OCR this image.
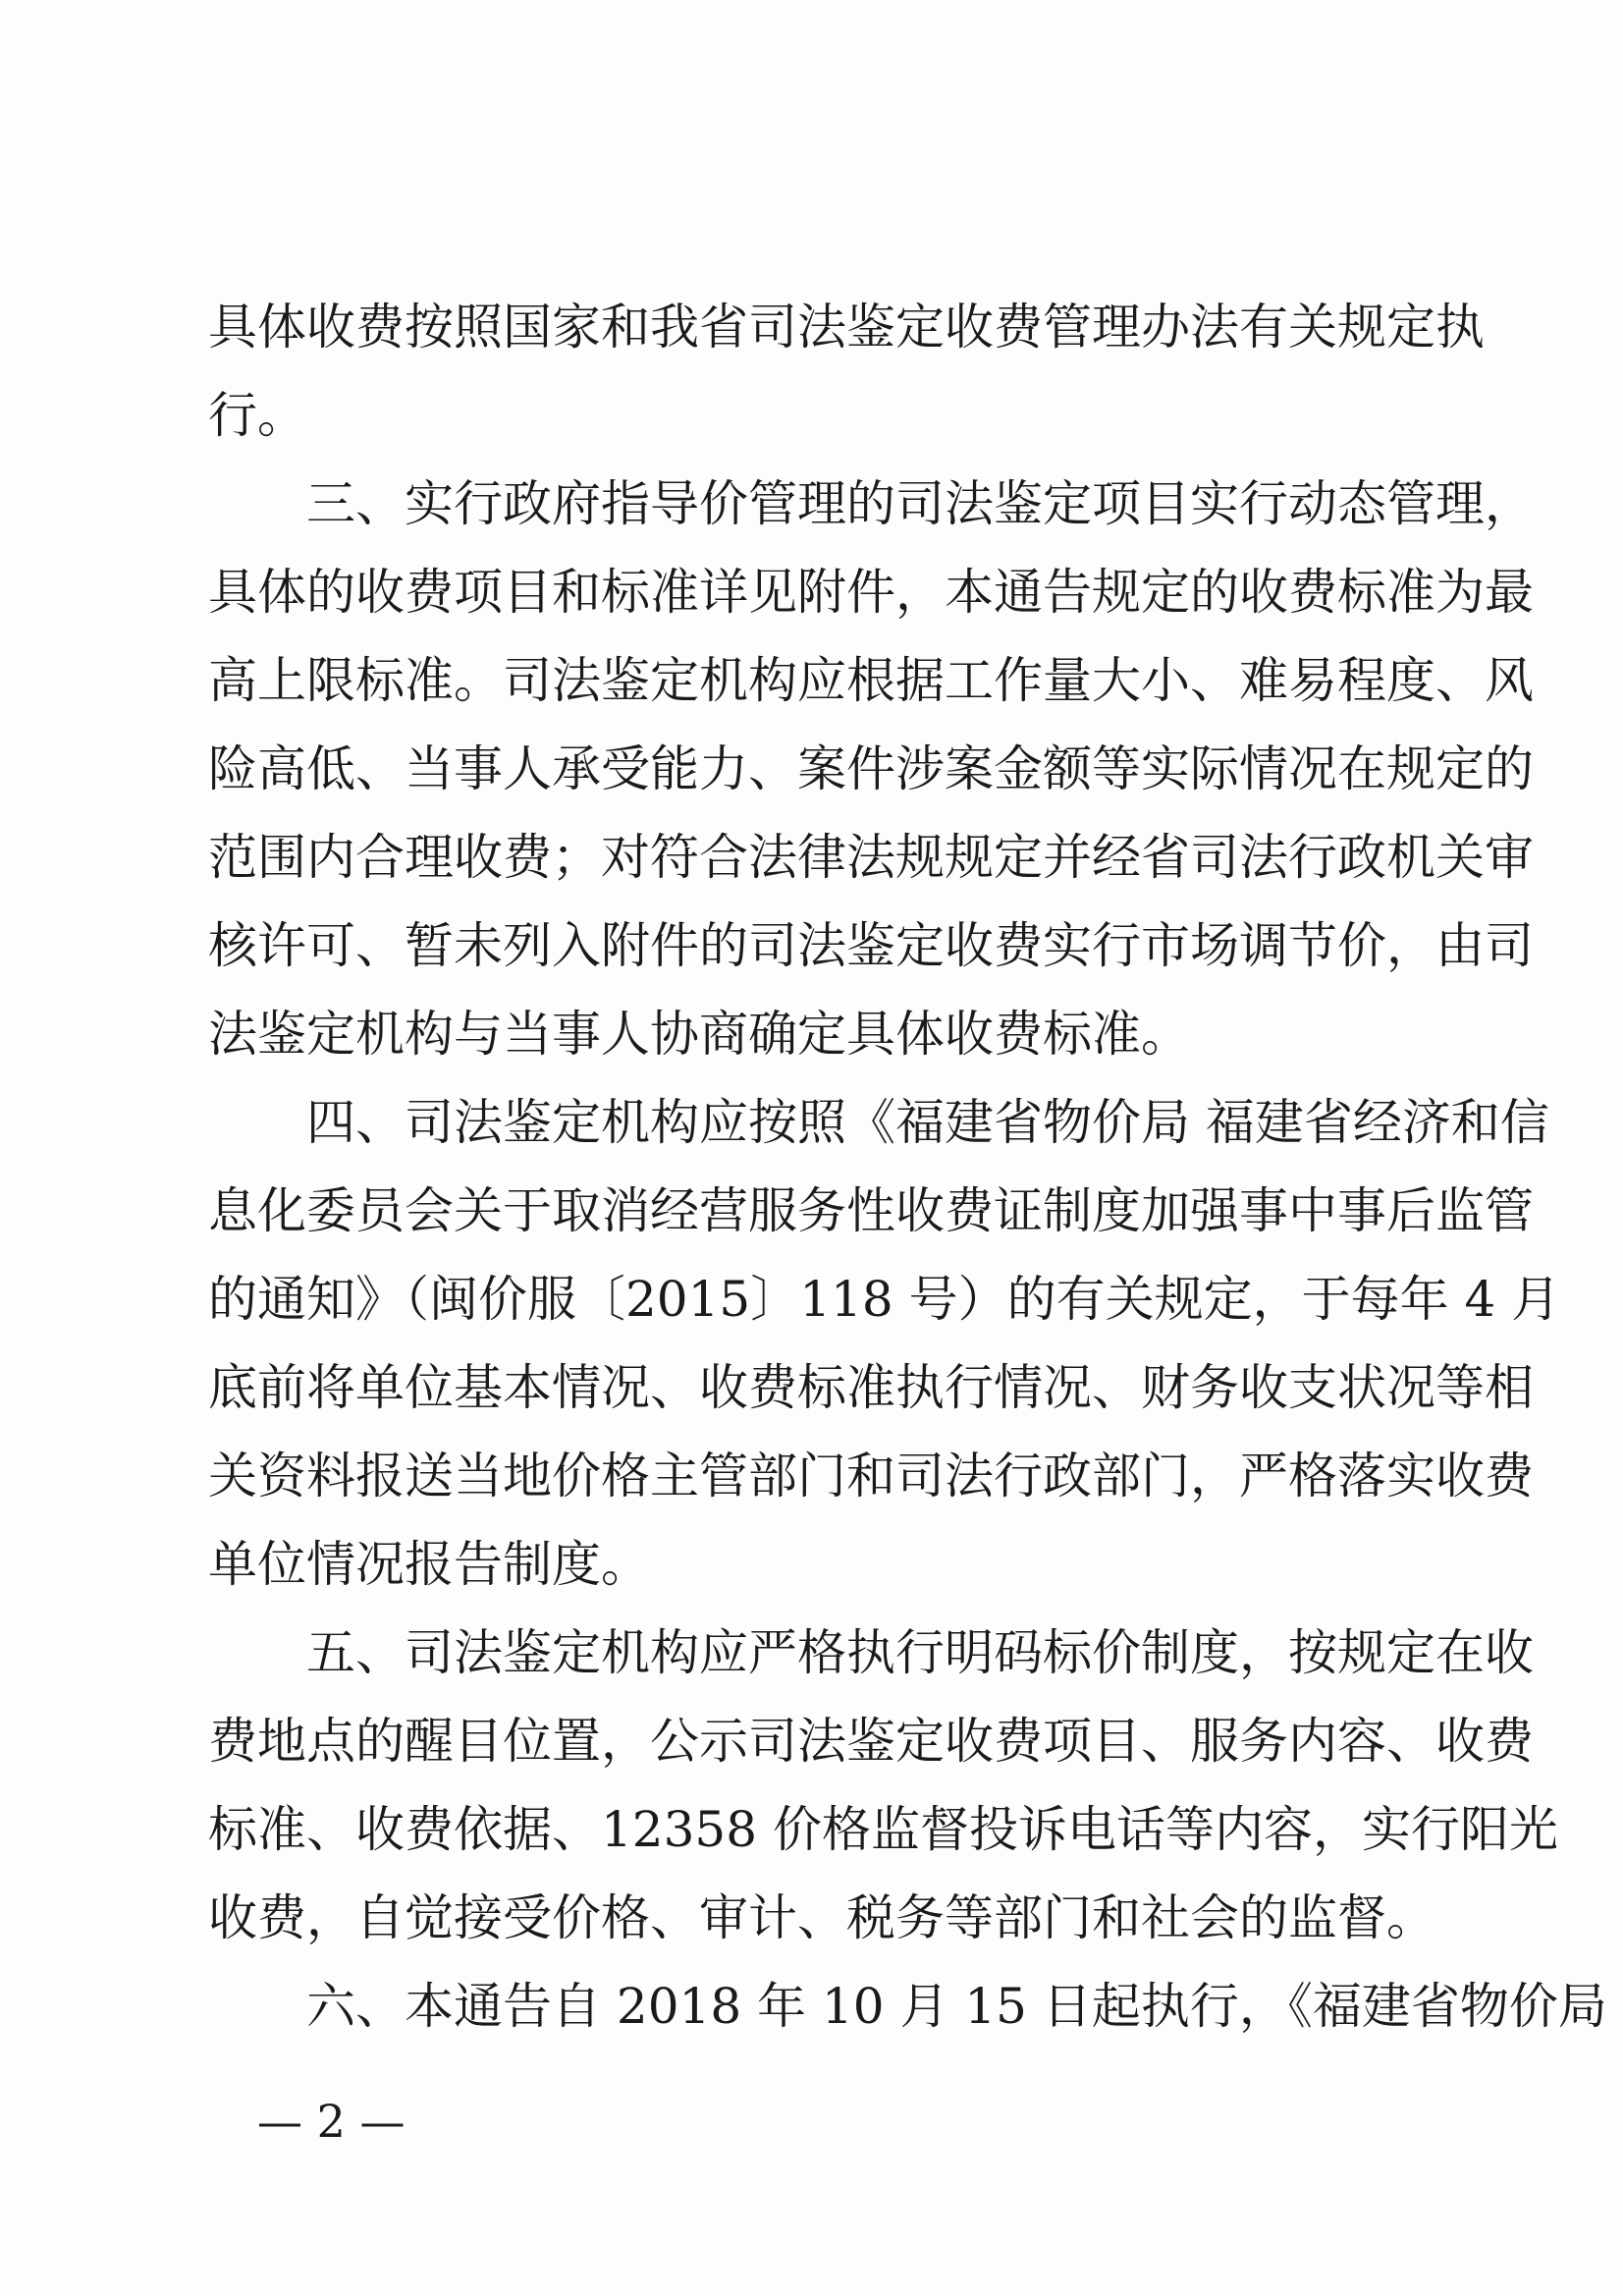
具体收费按照国家和我省司法鉴定收费管理办法有关规定执
行。
三、实行政府指导价管理的司法鉴定项目实行动态管理，
具体的收费项目和标准详见附件，本通告规定的收费标准为最
高上限标准。司法鉴定机构应根据工作量大小、难易程度、风
险高低、当事人承受能力、案件涉案金额等实际情况在规定的
范围内合理收费；对符合法律法规规定并经省司法行政机关审
核许可、暂未列入附件的司法鉴定收费实行市场调节价，由司
法鉴定机构与当事人协商确定具体收费标准。
四、司法鉴定机构应按照《福建省物价局 福建省经济和信
息化委员会关于取消经营服务性收费证制度加强事中事后监管
的通知》（闽价服〔2015〕118 号）的有关规定，于每年 4 月
底前将单位基本情况、收费标准执行情况、财务收支状况等相
关资料报送当地价格主管部门和司法行政部门，严格落实收费
单位情况报告制度。
五、司法鉴定机构应严格执行明码标价制度，按规定在收
费地点的醒目位置，公示司法鉴定收费项目、服务内容、收费
标准、收费依据、12358 价格监督投诉电话等内容，实行阳光
收费，自觉接受价格、审计、税务等部门和社会的监督。
六、本通告自 2018 年 10 月 15 日起执行，《福建省物价局
— 2 —
